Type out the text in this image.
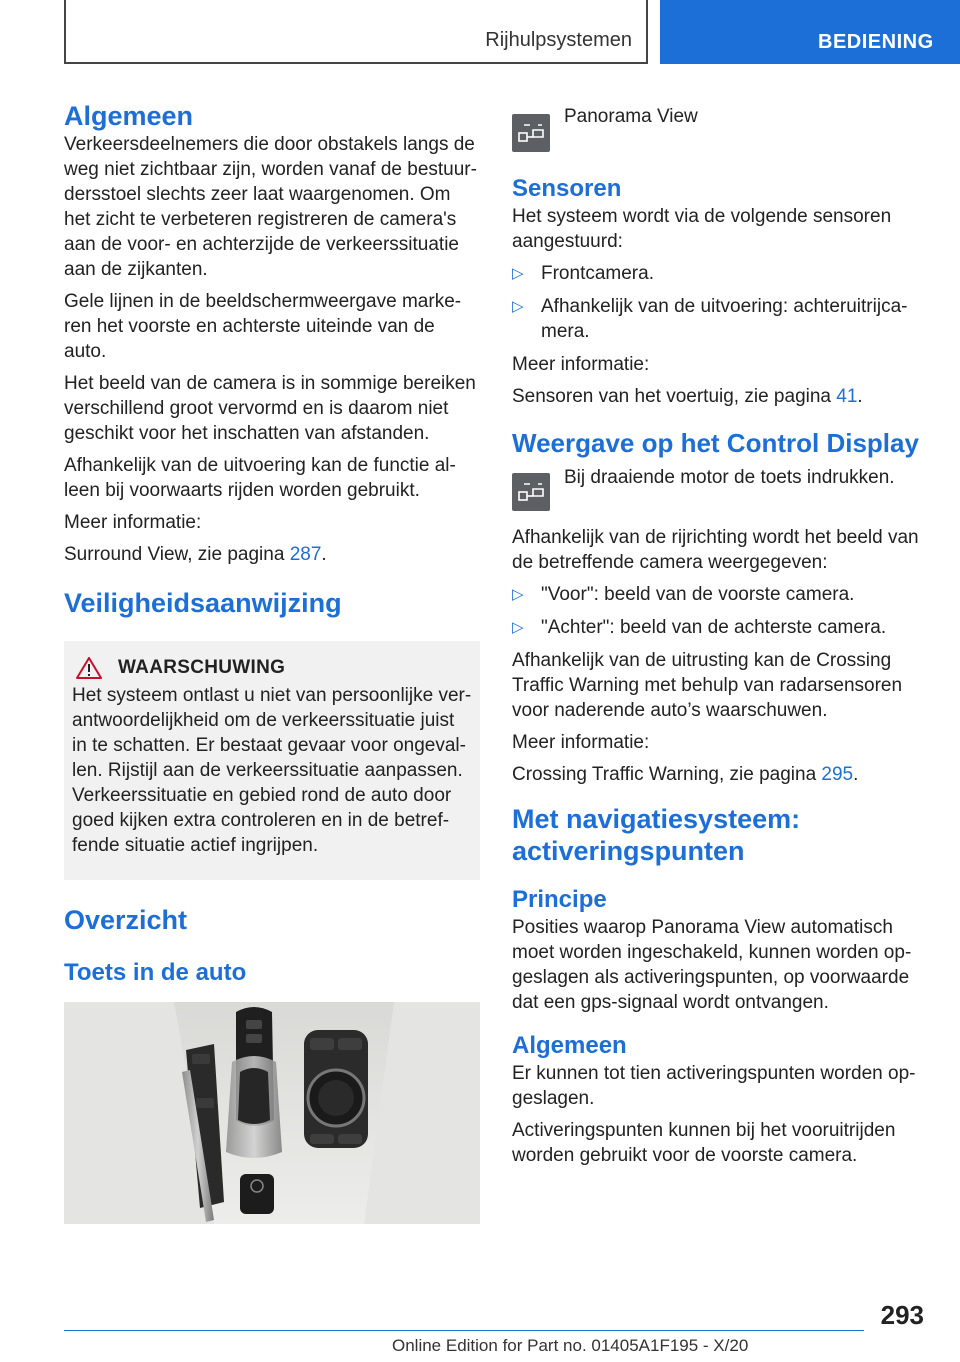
Rijhulpsystemen	BEDIENING
Algemeen

Verkeersdeelnemers die door obstakels langs de weg niet zichtbaar zijn, worden vanaf de bestuurdersstoel slechts zeer laat waargenomen. Om het zicht te verbeteren registreren de camera's aan de voor- en achterzijde de verkeerssituatie aan de zijkanten.

Gele lijnen in de beeldschermweergave markeren het voorste en achterste uiteinde van de auto.

Het beeld van de camera is in sommige bereiken verschillend groot vervormd en is daarom niet geschikt voor het inschatten van afstanden.

Afhankelijk van de uitvoering kan de functie alleen bij voorwaarts rijden worden gebruikt.

Meer informatie:

Surround View, zie pagina 287.

Veiligheidsaanwijzing
WAARSCHUWING

Het systeem ontlast u niet van persoonlijke verantwoordelijkheid om de verkeerssituatie juist in te schatten. Er bestaat gevaar voor ongevallen. Rijstijl aan de verkeerssituatie aanpassen. Verkeerssituatie en gebied rond de auto door goed kijken extra controleren en in de betreffende situatie actief ingrijpen.

Overzicht
Toets in de auto

Panorama View

Sensoren

Het systeem wordt via de volgende sensoren aangestuurd:

▷ Frontcamera.
▷ Afhankelijk van de uitvoering: achteruitrijcamera.

Meer informatie:

Sensoren van het voertuig, zie pagina 41.

Weergave op het Control Display

Bij draaiende motor de toets indrukken.

Afhankelijk van de rijrichting wordt het beeld van de betreffende camera weergegeven:

▷ "Voor": beeld van de voorste camera.
▷ "Achter": beeld van de achterste camera.

Afhankelijk van de uitrusting kan de Crossing Traffic Warning met behulp van radarsensoren voor naderende auto’s waarschuwen.

Meer informatie:

Crossing Traffic Warning, zie pagina 295.

Met navigatiesysteem: activeringspunten
Principe

Posities waarop Panorama View automatisch moet worden ingeschakeld, kunnen worden opgeslagen als activeringspunten, op voorwaarde dat een gps-signaal wordt ontvangen.

Algemeen

Er kunnen tot tien activeringspunten worden opgeslagen.

Activeringspunten kunnen bij het vooruitrijden worden gebruikt voor de voorste camera.

293
Online Edition for Part no. 01405A1F195 - X/20
